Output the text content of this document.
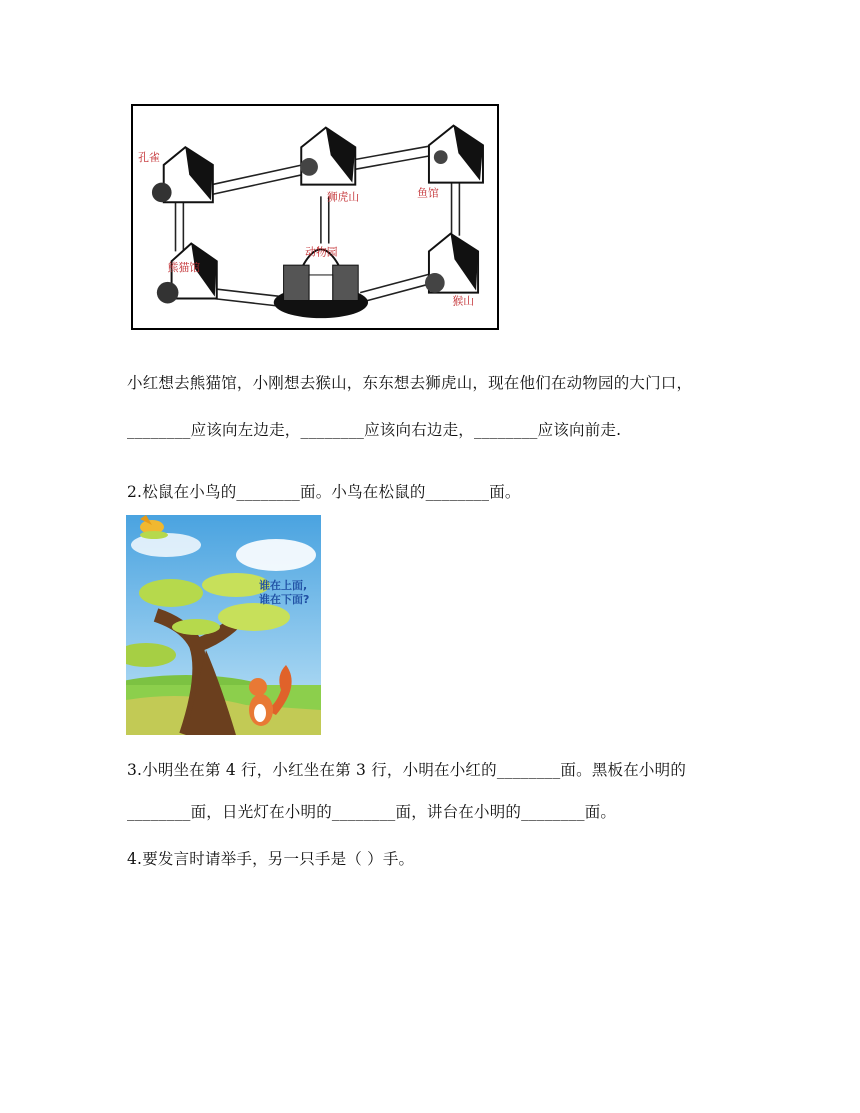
孔雀
狮虎山	鱼馆
熊猫馆
动物园
猴山
小红想去熊猫馆，小刚想去猴山，东东想去狮虎山，现在他们在动物园的大门口，
________应该向左边走，________应该向右边走，________应该向前走.
2.松鼠在小鸟的________面。小鸟在松鼠的________面。
谁在上面,
谁在下面?
3.小明坐在第 4 行，小红坐在第 3 行，小明在小红的________面。黑板在小明的
________面，日光灯在小明的________面，讲台在小明的________面。
4.要发言时请举手，另一只手是（ ）手。
